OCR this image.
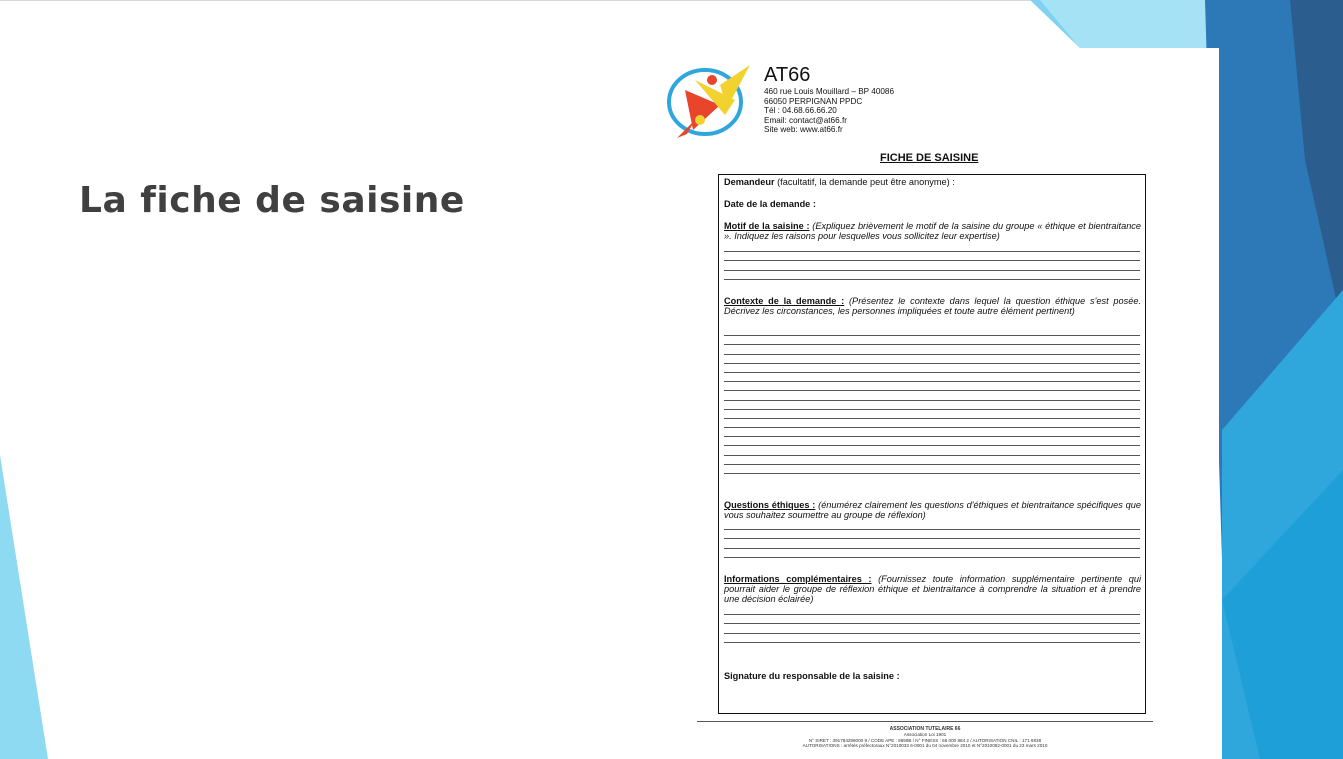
La fiche de saisine
AT66
460 rue Louis Mouillard – BP 40086
66050 PERPIGNAN PPDC
Tél : 04.68.66.66.20
Email: contact@at66.fr
Site web: www.at66.fr
FICHE DE SAISINE
Demandeur (facultatif, la demande peut être anonyme) :
Date de la demande :
Motif de la saisine : (Expliquez brièvement le motif de la saisine du groupe « éthique et bientraitance ». Indiquez les raisons pour lesquelles vous sollicitez leur expertise)
Contexte de la demande : (Présentez le contexte dans lequel la question éthique s'est posée. Décrivez les circonstances, les personnes impliquées et toute autre élément pertinent)
Questions éthiques : (énumérez clairement les questions d'éthiques et bientraitance spécifiques que vous souhaitez soumettre au groupe de réflexion)
Informations complémentaires : (Fournissez toute information supplémentaire pertinente qui pourrait aider le groupe de réflexion éthique et bientraitance à comprendre la situation et à prendre une décision éclairée)
Signature du responsable de la saisine :
ASSOCIATION TUTELAIRE 66
Association Loi 1901
N° SIRET : 391784296000 8 / CODE APE : 8899B / N° FINESS : 66 000 884 2 / AUTORISATION CNIL : 171 6838
AUTORISATIONS : arrêtés préfectoraux N°2010033 6-0001 du 04 novembre 2010 et N°2010082-0001 du 23 mars 2010
